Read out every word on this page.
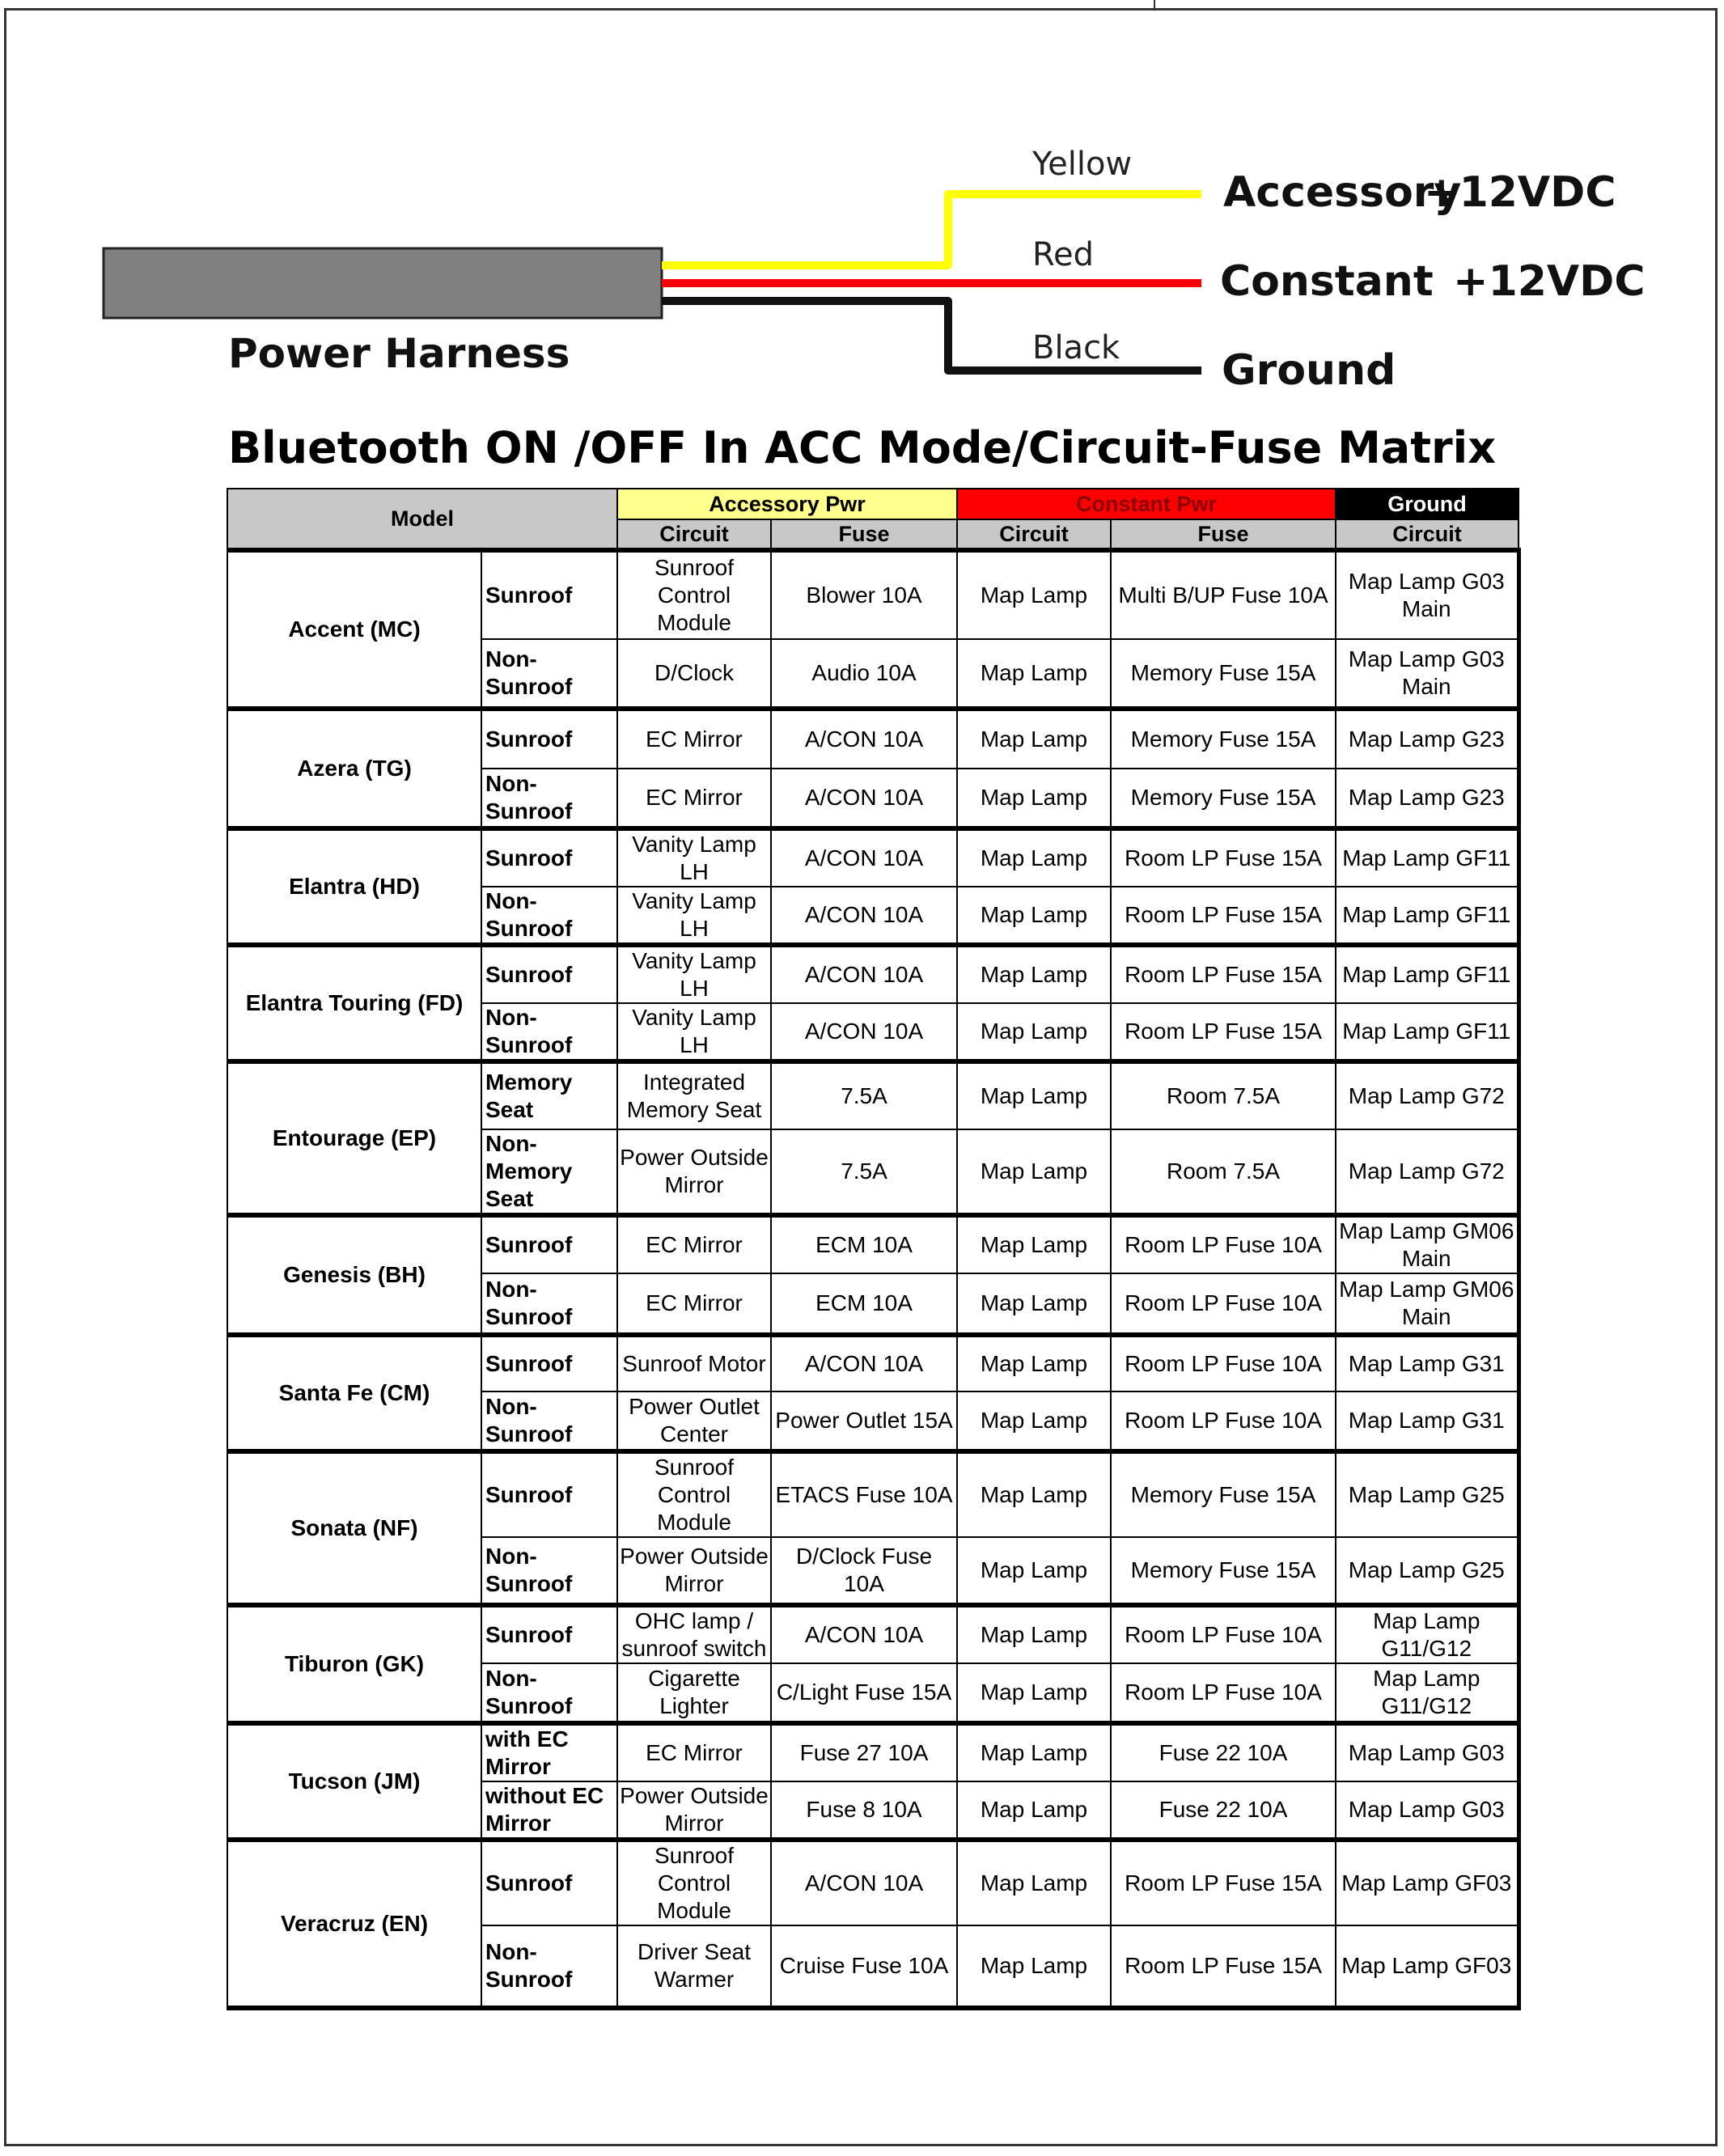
Yellow
Red
Black
Accessory
+12VDC
Constant +12VDC
Ground
Power Harness
Bluetooth ON /OFF In ACC Mode/Circuit-Fuse Matrix
Model		Accessory Pwr		Constant Pwr		Ground
		Circuit	Fuse	Circuit	Fuse	Circuit
Accent (MC)	Sunroof	Sunroof Control Module	Blower 10A	Map Lamp	Multi B/UP Fuse 10A	Map Lamp G03 Main
	Non-Sunroof	D/Clock	Audio 10A	Map Lamp	Memory Fuse 15A	Map Lamp G03 Main
Azera (TG)	Sunroof	EC Mirror	A/CON 10A	Map Lamp	Memory Fuse 15A	Map Lamp G23
	Non-Sunroof	EC Mirror	A/CON 10A	Map Lamp	Memory Fuse 15A	Map Lamp G23
Elantra (HD)	Sunroof	Vanity Lamp LH	A/CON 10A	Map Lamp	Room LP Fuse 15A	Map Lamp GF11
	Non-Sunroof	Vanity Lamp LH	A/CON 10A	Map Lamp	Room LP Fuse 15A	Map Lamp GF11
Elantra Touring (FD)	Sunroof	Vanity Lamp LH	A/CON 10A	Map Lamp	Room LP Fuse 15A	Map Lamp GF11
	Non-Sunroof	Vanity Lamp LH	A/CON 10A	Map Lamp	Room LP Fuse 15A	Map Lamp GF11
Entourage (EP)	Memory Seat	Integrated Memory Seat	7.5A	Map Lamp	Room 7.5A	Map Lamp G72
	Non-Memory Seat	Power Outside Mirror	7.5A	Map Lamp	Room 7.5A	Map Lamp G72
Genesis (BH)	Sunroof	EC Mirror	ECM 10A	Map Lamp	Room LP Fuse 10A	Map Lamp GM06 Main
	Non-Sunroof	EC Mirror	ECM 10A	Map Lamp	Room LP Fuse 10A	Map Lamp GM06 Main
Santa Fe (CM)	Sunroof	Sunroof Motor	A/CON 10A	Map Lamp	Room LP Fuse 10A	Map Lamp G31
	Non-Sunroof	Power Outlet Center	Power Outlet 15A	Map Lamp	Room LP Fuse 10A	Map Lamp G31
Sonata (NF)	Sunroof	Sunroof Control Module	ETACS Fuse 10A	Map Lamp	Memory Fuse 15A	Map Lamp G25
	Non-Sunroof	Power Outside Mirror	D/Clock Fuse 10A	Map Lamp	Memory Fuse 15A	Map Lamp G25
Tiburon (GK)	Sunroof	OHC lamp / sunroof switch	A/CON 10A	Map Lamp	Room LP Fuse 10A	Map Lamp G11/G12
	Non-Sunroof	Cigarette Lighter	C/Light Fuse 15A	Map Lamp	Room LP Fuse 10A	Map Lamp G11/G12
Tucson (JM)	with EC Mirror	EC Mirror	Fuse 27 10A	Map Lamp	Fuse 22 10A	Map Lamp G03
	without EC Mirror	Power Outside Mirror	Fuse 8 10A	Map Lamp	Fuse 22 10A	Map Lamp G03
Veracruz (EN)	Sunroof	Sunroof Control Module	A/CON 10A	Map Lamp	Room LP Fuse 15A	Map Lamp GF03
	Non-Sunroof	Driver Seat Warmer	Cruise Fuse 10A	Map Lamp	Room LP Fuse 15A	Map Lamp GF03
